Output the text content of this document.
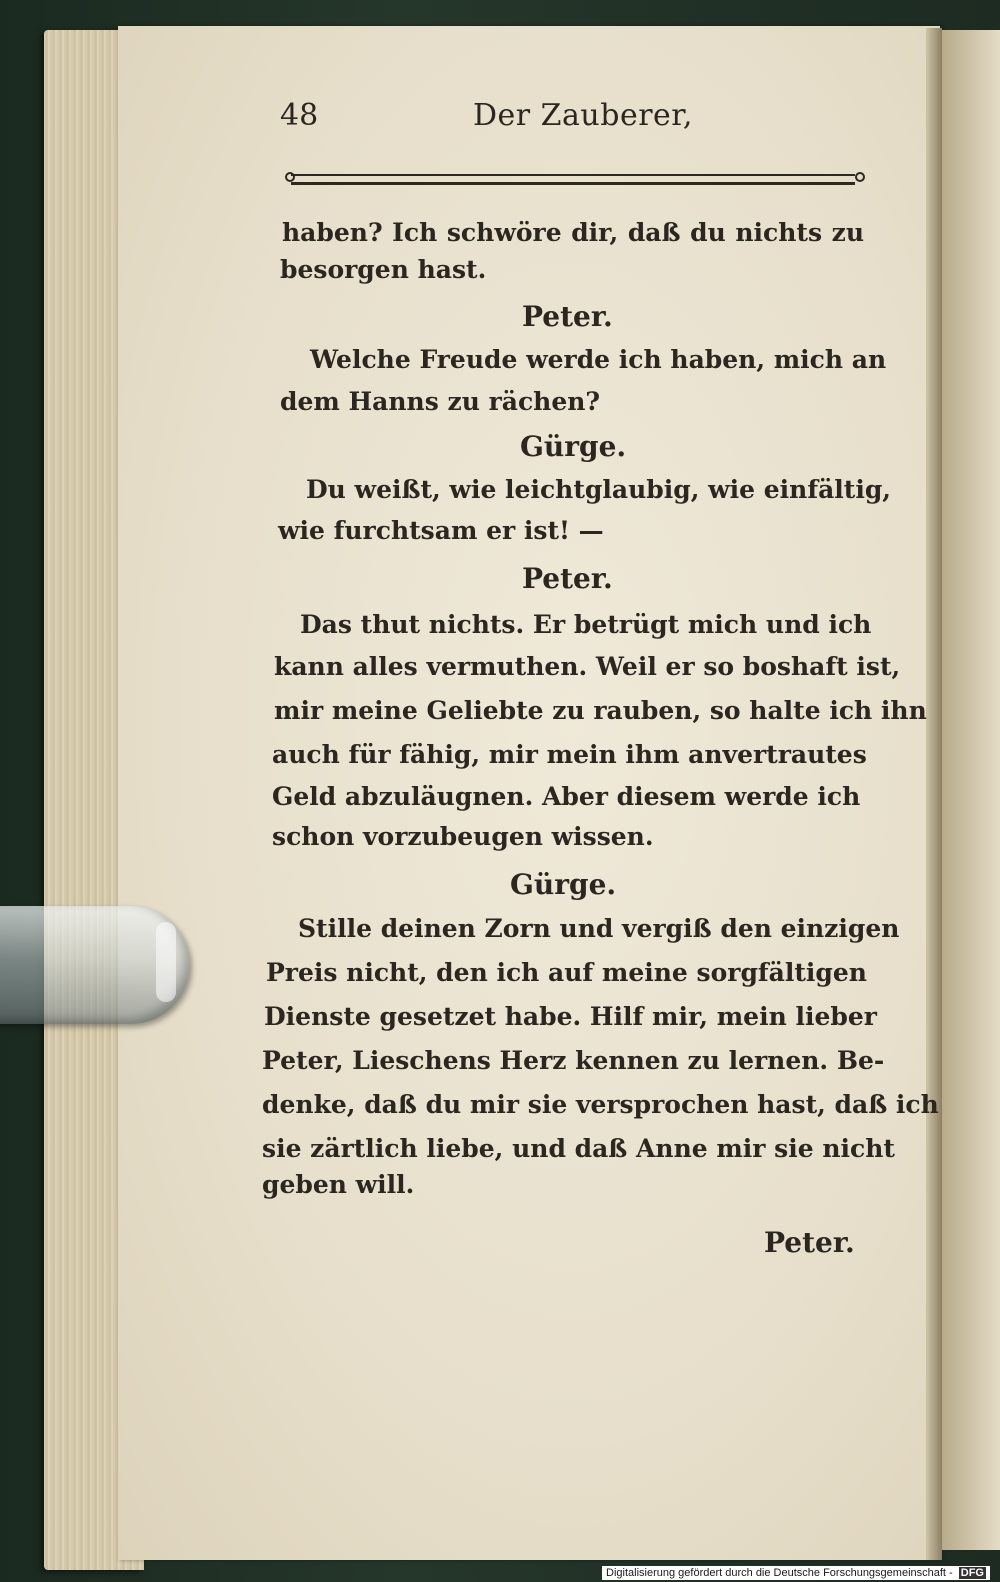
48	Der Zauberer,
haben? Ich schwöre dir, daß du nichts zu
besorgen hast.
Peter.
Welche Freude werde ich haben, mich an
dem Hanns zu rächen?
Gürge.
Du weißt, wie leichtglaubig, wie einfältig,
wie furchtsam er ist! —
Peter.
Das thut nichts. Er betrügt mich und ich
kann alles vermuthen. Weil er so boshaft ist,
mir meine Geliebte zu rauben, so halte ich ihn
auch für fähig, mir mein ihm anvertrautes
Geld abzuläugnen. Aber diesem werde ich
schon vorzubeugen wissen.
Gürge.
Stille deinen Zorn und vergiß den einzigen
Preis nicht, den ich auf meine sorgfältigen
Dienste gesetzet habe. Hilf mir, mein lieber
Peter, Lieschens Herz kennen zu lernen. Be-
denke, daß du mir sie versprochen hast, daß ich
sie zärtlich liebe, und daß Anne mir sie nicht
geben will.
Peter.
Digitalisierung gefördert durch die Deutsche Forschungsgemeinschaft - DFG
